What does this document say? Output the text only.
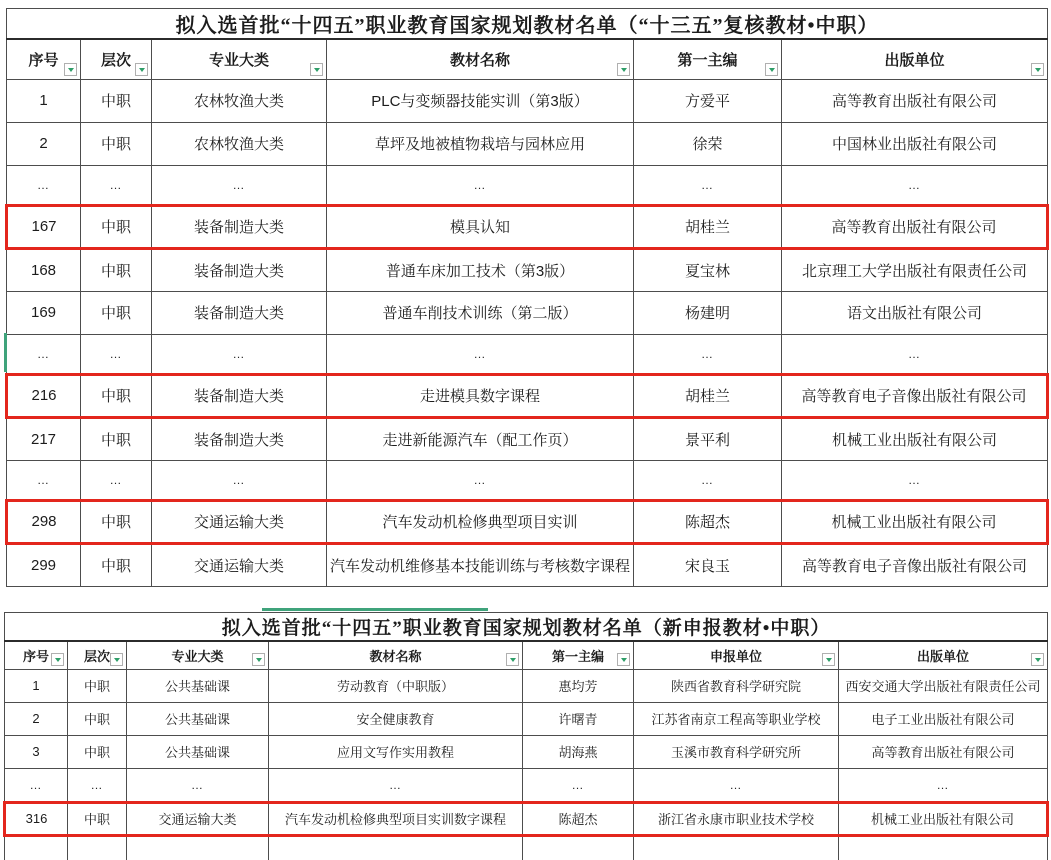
拟入选首批“十四五”职业教育国家规划教材名单（“十三五”复核教材•中职）					
序号	层次	专业大类	教材名称	第一主编	出版单位

1	中职	农林牧渔大类	PLC与变频器技能实训（第3版）	方爱平	高等教育出版社有限公司
2	中职	农林牧渔大类	草坪及地被植物栽培与园林应用	徐荣	中国林业出版社有限公司
…	…	…	…	…	…
167	中职	装备制造大类	模具认知	胡桂兰	高等教育出版社有限公司
168	中职	装备制造大类	普通车床加工技术（第3版）	夏宝林	北京理工大学出版社有限责任公司
169	中职	装备制造大类	普通车削技术训练（第二版）	杨建明	语文出版社有限公司
…	…	…	…	…	…
216	中职	装备制造大类	走进模具数字课程	胡桂兰	高等教育电子音像出版社有限公司
217	中职	装备制造大类	走进新能源汽车（配工作页）	景平利	机械工业出版社有限公司
…	…	…	…	…	…
298	中职	交通运输大类	汽车发动机检修典型项目实训	陈超杰	机械工业出版社有限公司
299	中职	交通运输大类	汽车发动机维修基本技能训练与考核数字课程	宋良玉	高等教育电子音像出版社有限公司
拟入选首批“十四五”职业教育国家规划教材名单（新申报教材•中职）						
序号	层次	专业大类	教材名称	第一主编	申报单位	出版单位

1	中职	公共基础课	劳动教育（中职版）	惠均芳	陕西省教育科学研究院	西安交通大学出版社有限责任公司
2	中职	公共基础课	安全健康教育	许曙青	江苏省南京工程高等职业学校	电子工业出版社有限公司
3	中职	公共基础课	应用文写作实用教程	胡海燕	玉溪市教育科学研究所	高等教育出版社有限公司
…	…	…	…	…	…	…
316	中职	交通运输大类	汽车发动机检修典型项目实训数字课程	陈超杰	浙江省永康市职业技术学校	机械工业出版社有限公司
